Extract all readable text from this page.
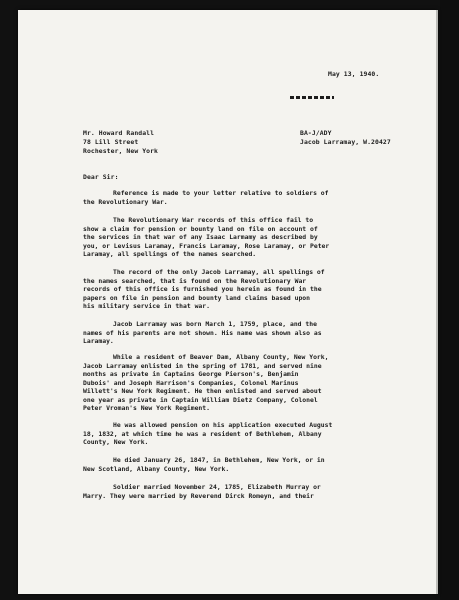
May 13, 1940.
BA-J/ADY
Jacob Larramay, W.20427
Mr. Howard Randall
78 Lill Street
Rochester, New York
Dear Sir:
Reference is made to your letter relative to soldiers of
the Revolutionary War.
The Revolutionary War records of this office fail to
show a claim for pension or bounty land on file on account of
the services in that war of any Isaac Larmamy as described by
you, or Levisus Laramay, Francis Laramay, Rose Laramay, or Peter
Laramay, all spellings of the names searched.
The record of the only Jacob Larramay, all spellings of
the names searched, that is found on the Revolutionary War
records of this office is furnished you herein as found in the
papers on file in pension and bounty land claims based upon
his military service in that war.
Jacob Larramay was born March 1, 1759, place, and the
names of his parents are not shown. His name was shown also as
Laramay.
While a resident of Beaver Dam, Albany County, New York,
Jacob Larramay enlisted in the spring of 1781, and served nine
months as private in Captains George Pierson's, Benjamin
Dubois' and Joseph Harrison's Companies, Colonel Marinus
Willett's New York Regiment. He then enlisted and served about
one year as private in Captain William Dietz Company, Colonel
Peter Vroman's New York Regiment.
He was allowed pension on his application executed August
18, 1832, at which time he was a resident of Bethlehem, Albany
County, New York.
He died January 26, 1847, in Bethlehem, New York, or in
New Scotland, Albany County, New York.
Soldier married November 24, 1785, Elizabeth Murray or
Marry. They were married by Reverend Dirck Romeyn, and their
